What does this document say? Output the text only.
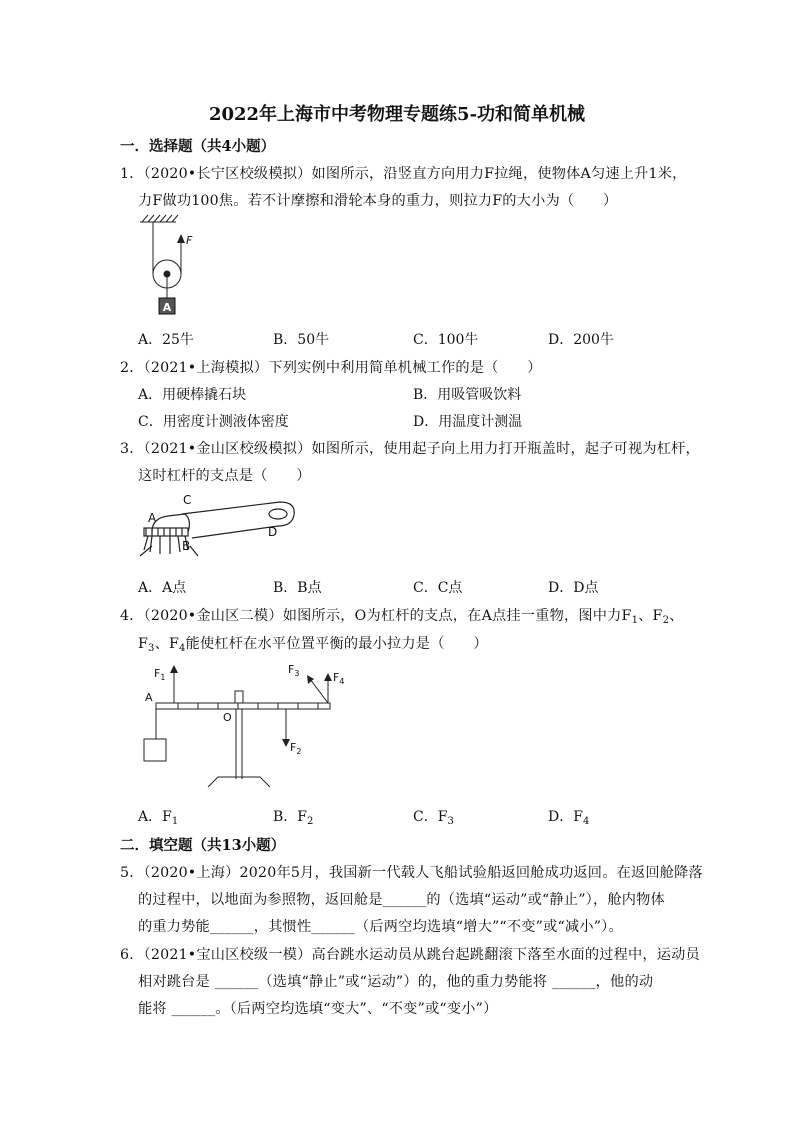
2022年上海市中考物理专题练5-功和简单机械
一．选择题（共4小题）
1．（2020•长宁区校级模拟）如图所示，沿竖直方向用力F拉绳，使物体A匀速上升1米，
力F做功100焦。若不计摩擦和滑轮本身的重力，则拉力F的大小为（　　）
F
A
A．25牛	B．50牛	C．100牛	D．200牛
2．（2021•上海模拟）下列实例中利用简单机械工作的是（　　）
A．用硬棒撬石块	B．用吸管吸饮料
C．用密度计测液体密度	D．用温度计测温
3．（2021•金山区校级模拟）如图所示，使用起子向上用力打开瓶盖时，起子可视为杠杆，
这时杠杆的支点是（　　）
A
B
C
D
A．A点	B．B点	C．C点	D．D点
4．（2020•金山区二模）如图所示，O为杠杆的支点，在A点挂一重物，图中力$F_1$、$F_2$、
$F_3$、$F_4$能使杠杆在水平位置平衡的最小拉力是（　　）
$F_1$
$F_2$
$F_3$	$F_4$
A
O
A．$F_1$	B．$F_2$	C．$F_3$	D．$F_4$
二．填空题（共13小题）
5．（2020•上海）2020年5月，我国新一代载人飞船试验船返回舱成功返回。在返回舱降落
的过程中，以地面为参照物，返回舱是______的（选填“运动”或“静止”），舱内物体
的重力势能______，其惯性______（后两空均选填“增大”“不变”或“减小”）。
6．（2021•宝山区校级一模）高台跳水运动员从跳台起跳翻滚下落至水面的过程中，运动员
相对跳台是 ______（选填“静止”或“运动”）的，他的重力势能将 ______，他的动
能将 ______。（后两空均选填“变大”、“不变”或“变小”）
